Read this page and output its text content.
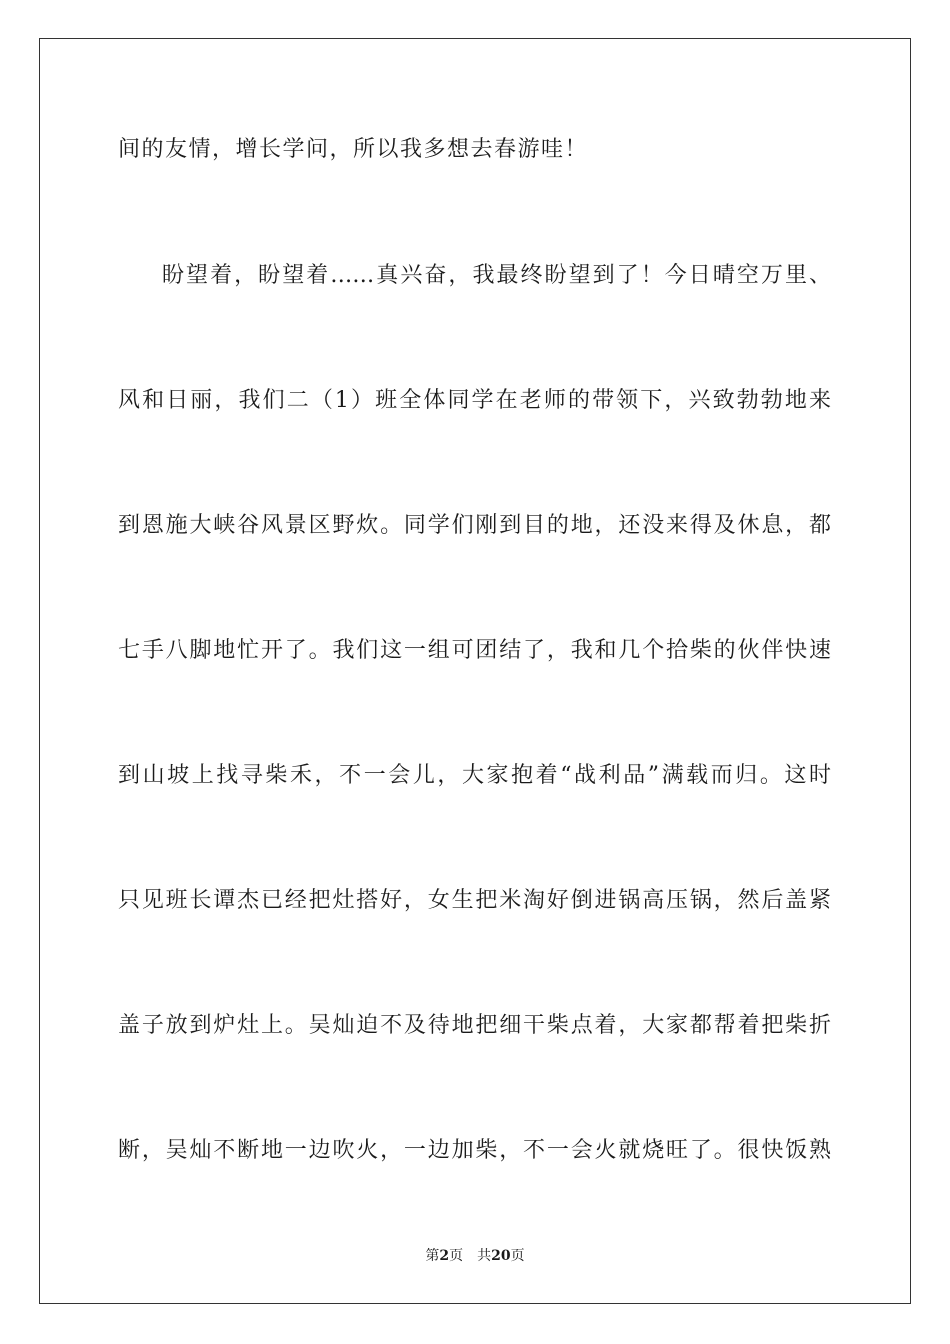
间的友情，增长学问，所以我多想去春游哇！
盼望着，盼望着……真兴奋，我最终盼望到了！今日晴空万里、
风和日丽，我们二（1）班全体同学在老师的带领下，兴致勃勃地来
到恩施大峡谷风景区野炊。同学们刚到目的地，还没来得及休息，都
七手八脚地忙开了。我们这一组可团结了，我和几个拾柴的伙伴快速
到山坡上找寻柴禾，不一会儿，大家抱着“战利品”满载而归。这时
只见班长谭杰已经把灶搭好，女生把米淘好倒进锅高压锅，然后盖紧
盖子放到炉灶上。吴灿迫不及待地把细干柴点着，大家都帮着把柴折
断，吴灿不断地一边吹火，一边加柴，不一会火就烧旺了。很快饭熟
第2页 共20页
